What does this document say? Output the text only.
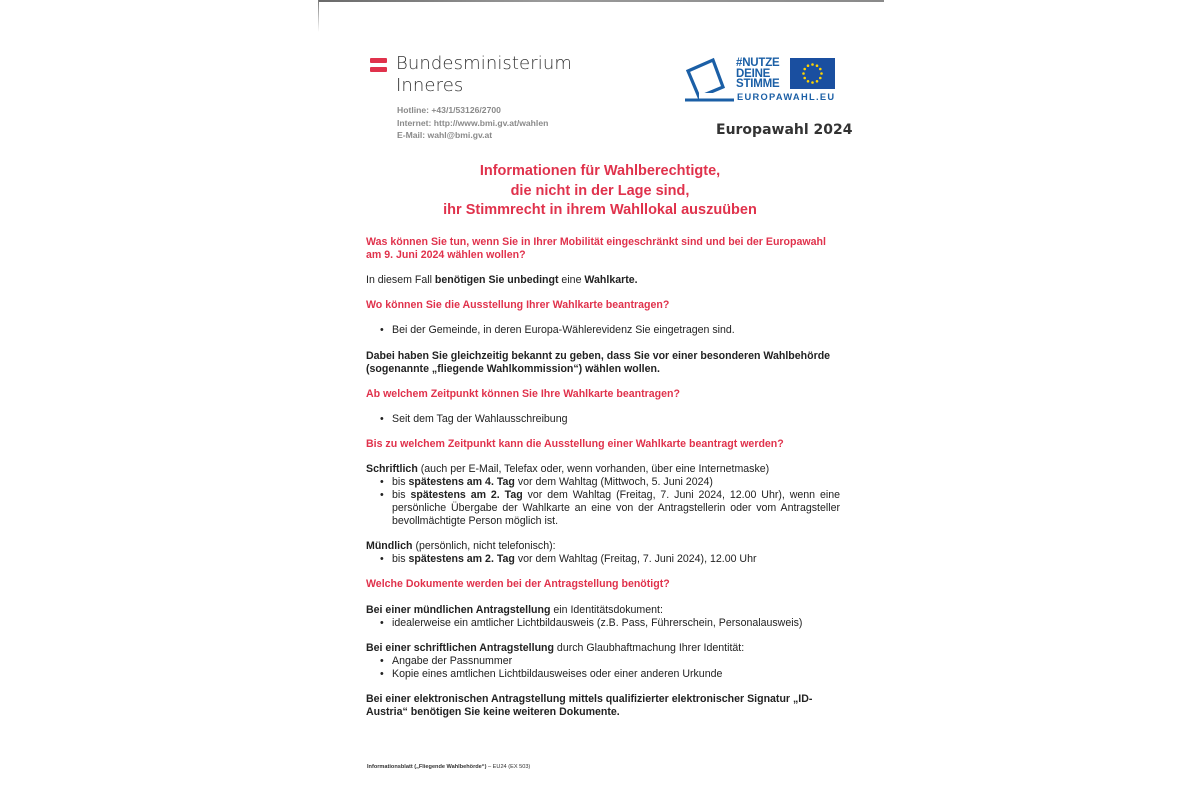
Bundesministerium
Inneres
Hotline: +43/1/53126/2700
Internet: http://www.bmi.gv.at/wahlen
E-Mail: wahl@bmi.gv.at
#NUTZE
DEINE
STIMME
EUROPAWAHL.EU
Europawahl 2024
Informationen für Wahlberechtigte,
die nicht in der Lage sind,
ihr Stimmrecht in ihrem Wahllokal auszuüben

Was können Sie tun, wenn Sie in Ihrer Mobilität eingeschränkt sind und bei der Europawahl am 9. Juni 2024 wählen wollen?

In diesem Fall benötigen Sie unbedingt eine Wahlkarte.

Wo können Sie die Ausstellung Ihrer Wahlkarte beantragen?

• Bei der Gemeinde, in deren Europa-Wählerevidenz Sie eingetragen sind.

Dabei haben Sie gleichzeitig bekannt zu geben, dass Sie vor einer besonderen Wahlbehörde (sogenannte „fliegende Wahlkommission“) wählen wollen.

Ab welchem Zeitpunkt können Sie Ihre Wahlkarte beantragen?

• Seit dem Tag der Wahlausschreibung

Bis zu welchem Zeitpunkt kann die Ausstellung einer Wahlkarte beantragt werden?

Schriftlich (auch per E-Mail, Telefax oder, wenn vorhanden, über eine Internetmaske)

• bis spätestens am 4. Tag vor dem Wahltag (Mittwoch, 5. Juni 2024)
• bis spätestens am 2. Tag vor dem Wahltag (Freitag, 7. Juni 2024, 12.00 Uhr), wenn eine persönliche Übergabe der Wahlkarte an eine von der Antragstellerin oder vom Antragsteller bevollmächtigte Person möglich ist.

Mündlich (persönlich, nicht telefonisch):

• bis spätestens am 2. Tag vor dem Wahltag (Freitag, 7. Juni 2024), 12.00 Uhr

Welche Dokumente werden bei der Antragstellung benötigt?

Bei einer mündlichen Antragstellung ein Identitätsdokument:

• idealerweise ein amtlicher Lichtbildausweis (z.B. Pass, Führerschein, Personalausweis)

Bei einer schriftlichen Antragstellung durch Glaubhaftmachung Ihrer Identität:

• Angabe der Passnummer
• Kopie eines amtlichen Lichtbildausweises oder einer anderen Urkunde

Bei einer elektronischen Antragstellung mittels qualifizierter elektronischer Signatur „ID-Austria“ benötigen Sie keine weiteren Dokumente.

Informationsblatt („Fliegende Wahlbehörde“) – EU24 (EX 503)
